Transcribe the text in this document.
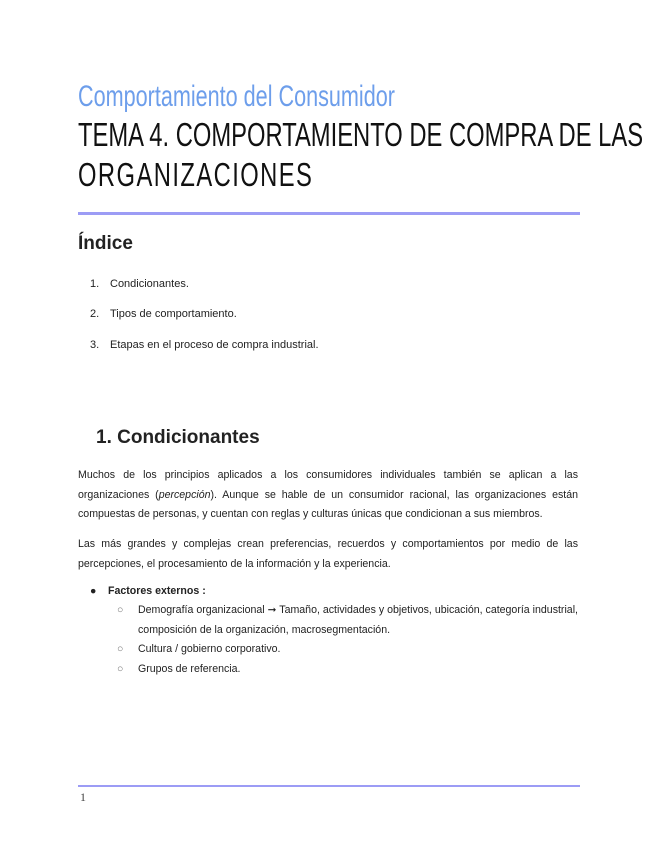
Comportamiento del Consumidor
TEMA 4. COMPORTAMIENTO DE COMPRA DE LAS
ORGANIZACIONES
Índice
1. Condicionantes.
2. Tipos de comportamiento.
3. Etapas en el proceso de compra industrial.
1. Condicionantes
Muchos de los principios aplicados a los consumidores individuales también se aplican a las organizaciones (percepción). Aunque se hable de un consumidor racional, las organizaciones están compuestas de personas, y cuentan con reglas y culturas únicas que condicionan a sus miembros.
Las más grandes y complejas crean preferencias, recuerdos y comportamientos por medio de las percepciones, el procesamiento de la información y la experiencia.
● Factores externos :
○ Demografía organizacional ➞ Tamaño, actividades y objetivos, ubicación, categoría industrial, composición de la organización, macrosegmentación.
○ Cultura / gobierno corporativo.
○ Grupos de referencia.
1
